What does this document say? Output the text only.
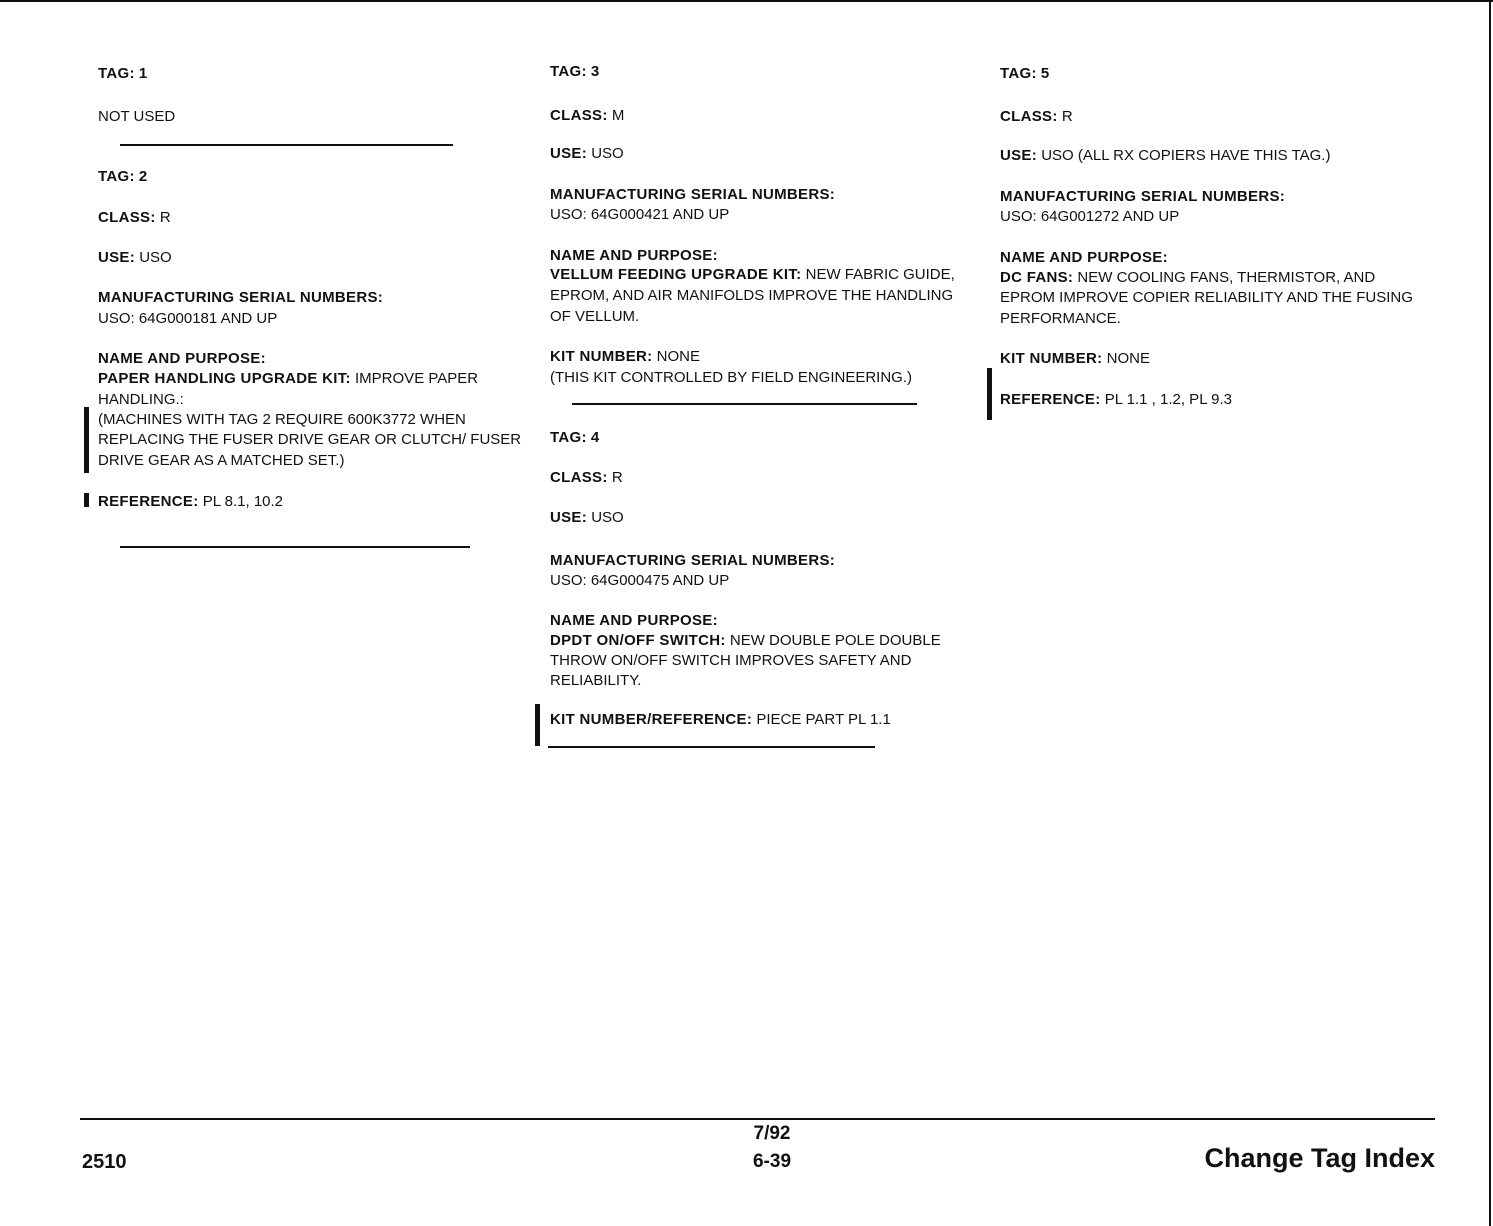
TAG: 1
NOT USED
TAG: 2
CLASS: R
USE: USO
MANUFACTURING SERIAL NUMBERS:
USO: 64G000181 AND UP
NAME AND PURPOSE:
PAPER HANDLING UPGRADE KIT: IMPROVE PAPER
HANDLING.:
(MACHINES WITH TAG 2 REQUIRE 600K3772 WHEN
REPLACING THE FUSER DRIVE GEAR OR CLUTCH/ FUSER
DRIVE GEAR AS A MATCHED SET.)
REFERENCE: PL 8.1, 10.2
TAG: 3
CLASS: M
USE: USO
MANUFACTURING SERIAL NUMBERS:
USO: 64G000421 AND UP
NAME AND PURPOSE:
VELLUM FEEDING UPGRADE KIT: NEW FABRIC GUIDE,
EPROM, AND AIR MANIFOLDS IMPROVE THE HANDLING
OF VELLUM.
KIT NUMBER: NONE
(THIS KIT CONTROLLED BY FIELD ENGINEERING.)
TAG: 4
CLASS: R
USE: USO
MANUFACTURING SERIAL NUMBERS:
USO: 64G000475 AND UP
NAME AND PURPOSE:
DPDT ON/OFF SWITCH: NEW DOUBLE POLE DOUBLE
THROW ON/OFF SWITCH IMPROVES SAFETY AND
RELIABILITY.
KIT NUMBER/REFERENCE: PIECE PART PL 1.1
TAG: 5
CLASS: R
USE: USO (ALL RX COPIERS HAVE THIS TAG.)
MANUFACTURING SERIAL NUMBERS:
USO: 64G001272 AND UP
NAME AND PURPOSE:
DC FANS: NEW COOLING FANS, THERMISTOR, AND
EPROM IMPROVE COPIER RELIABILITY AND THE FUSING
PERFORMANCE.
KIT NUMBER: NONE
REFERENCE: PL 1.1 , 1.2, PL 9.3
2510
7/92
6-39	Change Tag Index
